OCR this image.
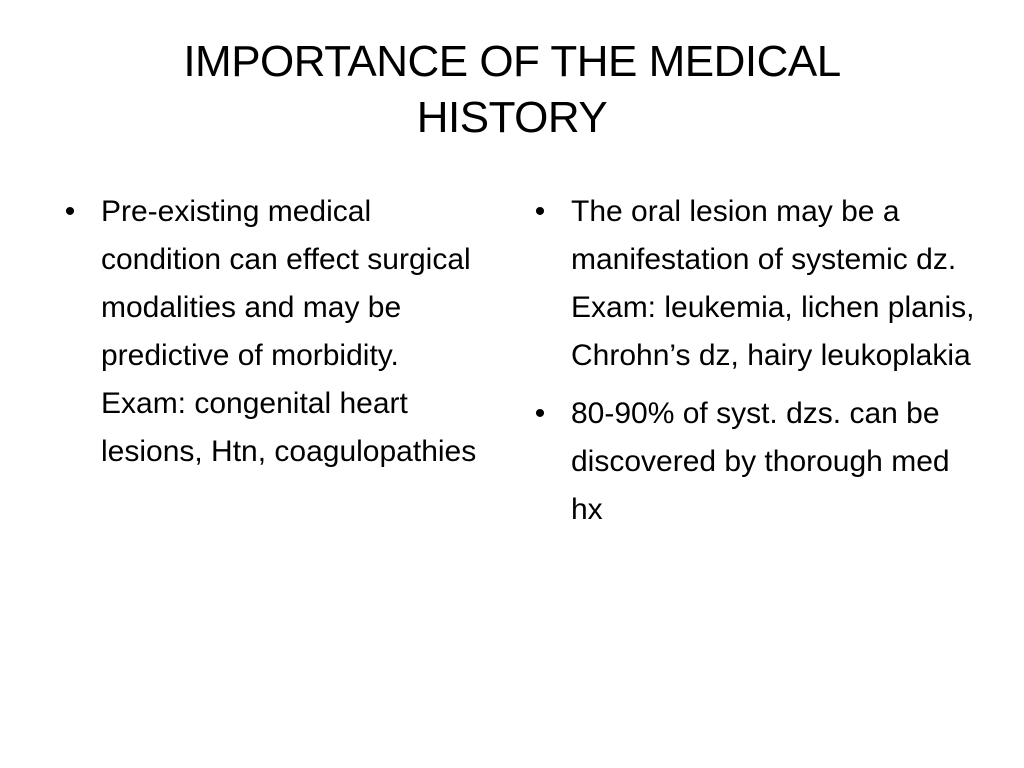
IMPORTANCE OF THE MEDICAL HISTORY
• Pre-existing medical condition can effect surgical modalities and may be predictive of morbidity. Exam: congenital heart lesions, Htn, coagulopathies
• The oral lesion may be a manifestation of systemic dz. Exam: leukemia, lichen planis, Chrohn’s dz, hairy leukoplakia
• 80-90% of syst. dzs. can be discovered by thorough med hx
